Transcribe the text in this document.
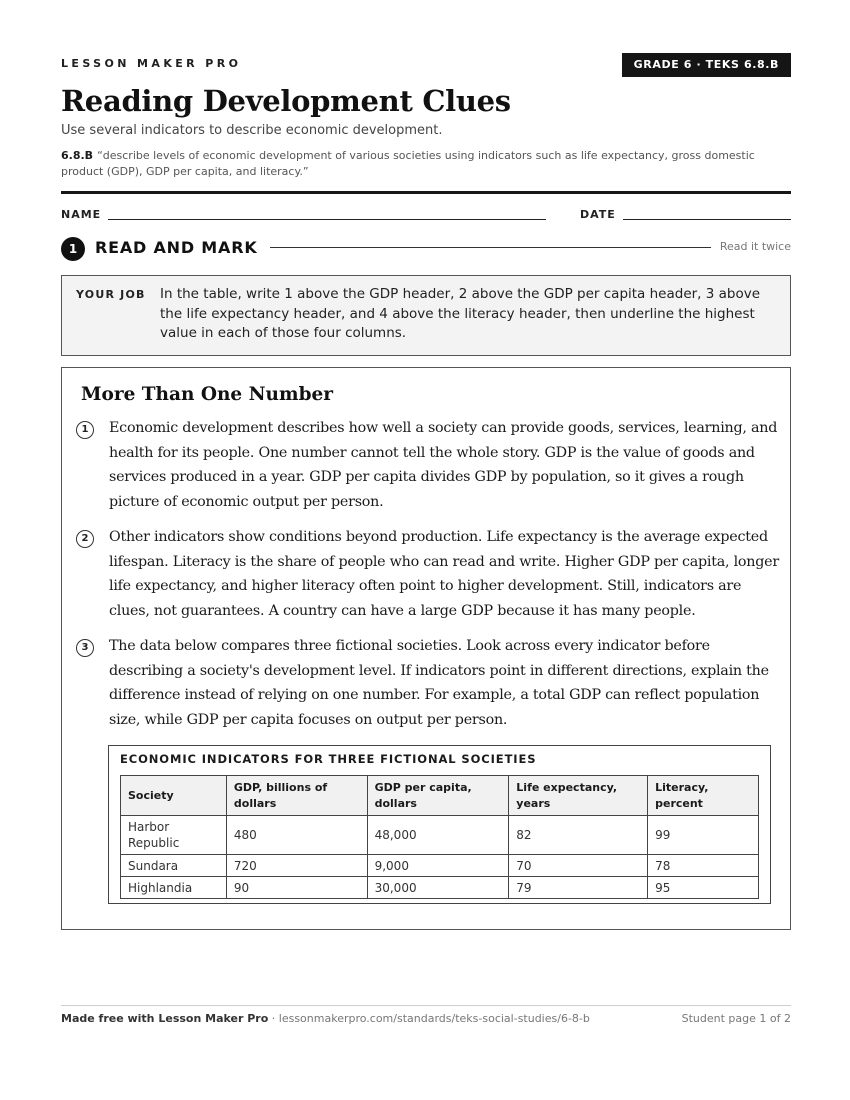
LESSON MAKER PRO	GRADE 6 · TEKS 6.8.B
Reading Development Clues
Use several indicators to describe economic development.
6.8.B “describe levels of economic development of various societies using indicators such as life expectancy, gross domestic product (GDP), GDP per capita, and literacy.”
NAME	DATE
1	READ AND MARK	Read it twice
YOUR JOB In the table, write 1 above the GDP header, 2 above the GDP per capita header, 3 above the life expectancy header, and 4 above the literacy header, then underline the highest value in each of those four columns.
More Than One Number
1	Economic development describes how well a society can provide goods, services, learning, and health for its people. One number cannot tell the whole story. GDP is the value of goods and services produced in a year. GDP per capita divides GDP by population, so it gives a rough picture of economic output per person.
2	Other indicators show conditions beyond production. Life expectancy is the average expected lifespan. Literacy is the share of people who can read and write. Higher GDP per capita, longer life expectancy, and higher literacy often point to higher development. Still, indicators are clues, not guarantees. A country can have a large GDP because it has many people.
3	The data below compares three fictional societies. Look across every indicator before describing a society's development level. If indicators point in different directions, explain the difference instead of relying on one number. For example, a total GDP can reflect population size, while GDP per capita focuses on output per person.
ECONOMIC INDICATORS FOR THREE FICTIONAL SOCIETIES
Society	GDP, billions of dollars	GDP per capita, dollars	Life expectancy, years	Literacy, percent
Harbor Republic	480	48,000	82	99
Sundara	720	9,000	70	78
Highlandia	90	30,000	79	95
Made free with Lesson Maker Pro · lessonmakerpro.com/standards/teks-social-studies/6-8-b	Student page 1 of 2
